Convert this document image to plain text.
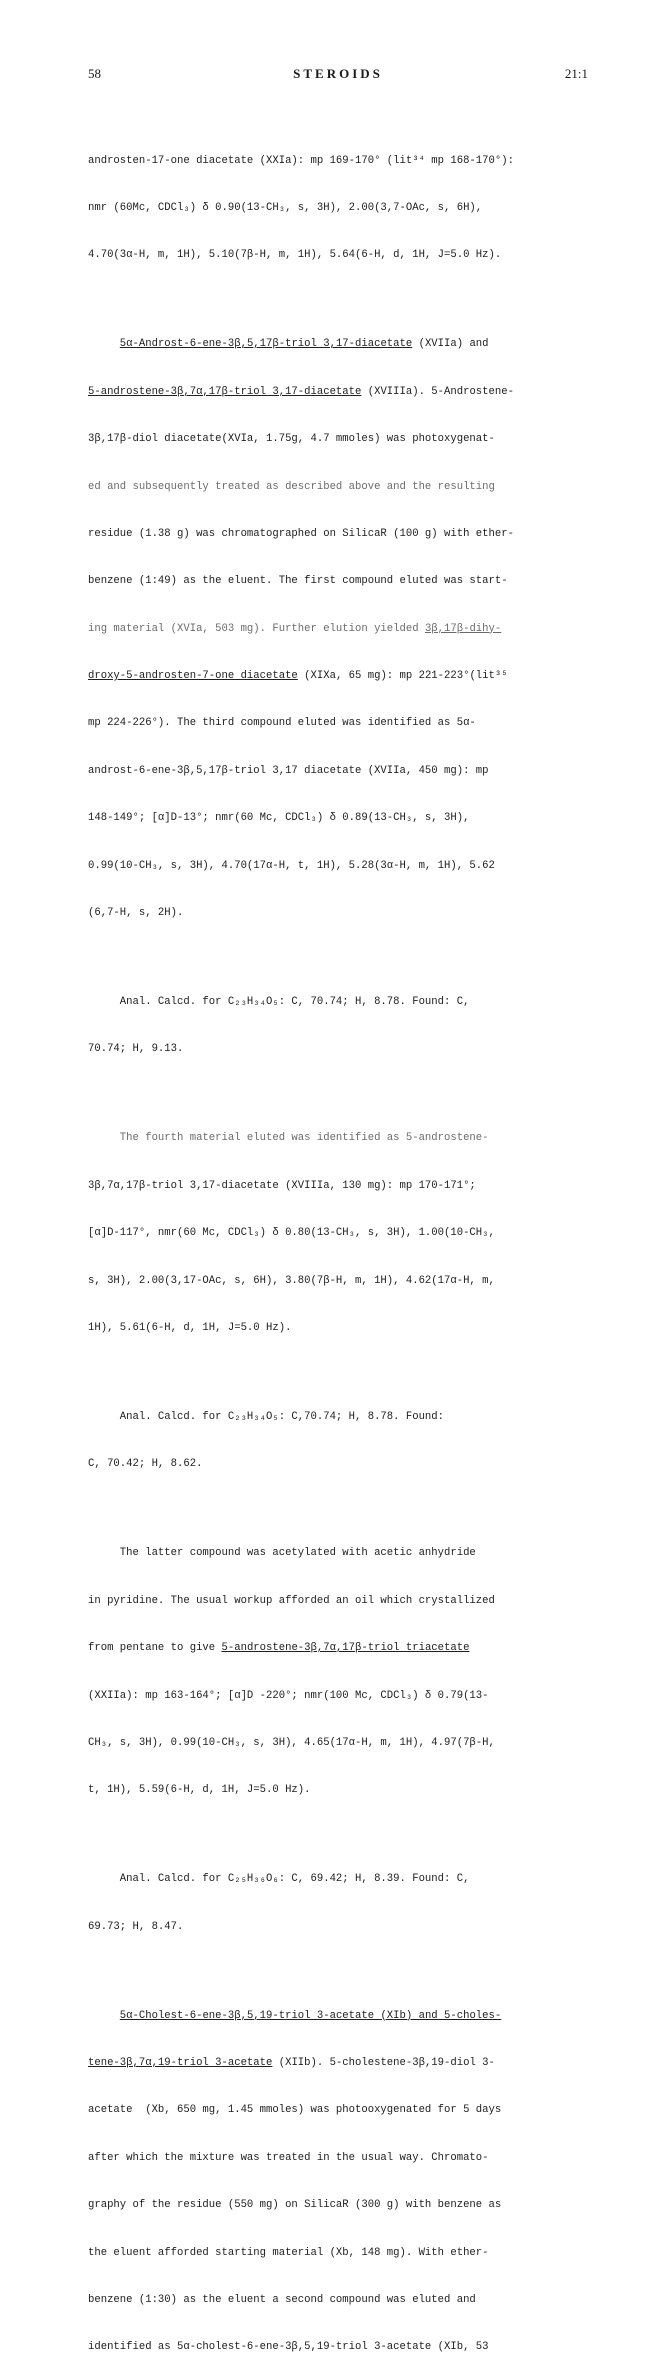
58	STEROIDS	21:1

androsten-17-one diacetate (XXIa): mp 169-170° (lit³⁴ mp 168-170°):

nmr (60Mc, CDCl₃) δ 0.90(13-CH₃, s, 3H), 2.00(3,7-OAc, s, 6H),

4.70(3α-H, m, 1H), 5.10(7β-H, m, 1H), 5.64(6-H, d, 1H, J=5.0 Hz).

5α-Androst-6-ene-3β,5,17β-triol 3,17-diacetate (XVIIa) and

5-androstene-3β,7α,17β-triol 3,17-diacetate (XVIIIa). 5-Androstene-

3β,17β-diol diacetate(XVIa, 1.75g, 4.7 mmoles) was photoxygenat-

ed and subsequently treated as described above and the resulting

residue (1.38 g) was chromatographed on SilicaR (100 g) with ether-

benzene (1:49) as the eluent. The first compound eluted was start-

ing material (XVIa, 503 mg). Further elution yielded 3β,17β-dihy-

droxy-5-androsten-7-one diacetate (XIXa, 65 mg): mp 221-223°(lit³⁵

mp 224-226°). The third compound eluted was identified as 5α-

androst-6-ene-3β,5,17β-triol 3,17 diacetate (XVIIa, 450 mg): mp

148-149°; [α]D-13°; nmr(60 Mc, CDCl₃) δ 0.89(13-CH₃, s, 3H),

0.99(10-CH₃, s, 3H), 4.70(17α-H, t, 1H), 5.28(3α-H, m, 1H), 5.62

(6,7-H, s, 2H).

Anal. Calcd. for C₂₃H₃₄O₅: C, 70.74; H, 8.78. Found: C,

70.74; H, 9.13.

The fourth material eluted was identified as 5-androstene-

3β,7α,17β-triol 3,17-diacetate (XVIIIa, 130 mg): mp 170-171°;

[α]D-117°, nmr(60 Mc, CDCl₃) δ 0.80(13-CH₃, s, 3H), 1.00(10-CH₃,

s, 3H), 2.00(3,17-OAc, s, 6H), 3.80(7β-H, m, 1H), 4.62(17α-H, m,

1H), 5.61(6-H, d, 1H, J=5.0 Hz).

Anal. Calcd. for C₂₃H₃₄O₅: C,70.74; H, 8.78. Found:

C, 70.42; H, 8.62.

The latter compound was acetylated with acetic anhydride

in pyridine. The usual workup afforded an oil which crystallized

from pentane to give 5-androstene-3β,7α,17β-triol triacetate

(XXIIa): mp 163-164°; [α]D -220°; nmr(100 Mc, CDCl₃) δ 0.79(13-

CH₃, s, 3H), 0.99(10-CH₃, s, 3H), 4.65(17α-H, m, 1H), 4.97(7β-H,

t, 1H), 5.59(6-H, d, 1H, J=5.0 Hz).

Anal. Calcd. for C₂₅H₃₆O₆: C, 69.42; H, 8.39. Found: C,

69.73; H, 8.47.

5α-Cholest-6-ene-3β,5,19-triol 3-acetate (XIb) and 5-choles-

tene-3β,7α,19-triol 3-acetate (XIIb). 5-cholestene-3β,19-diol 3-

acetate  (Xb, 650 mg, 1.45 mmoles) was photooxygenated for 5 days

after which the mixture was treated in the usual way. Chromato-

graphy of the residue (550 mg) on SilicaR (300 g) with benzene as

the eluent afforded starting material (Xb, 148 mg). With ether-

benzene (1:30) as the eluent a second compound was eluted and

identified as 5α-cholest-6-ene-3β,5,19-triol 3-acetate (XIb, 53
